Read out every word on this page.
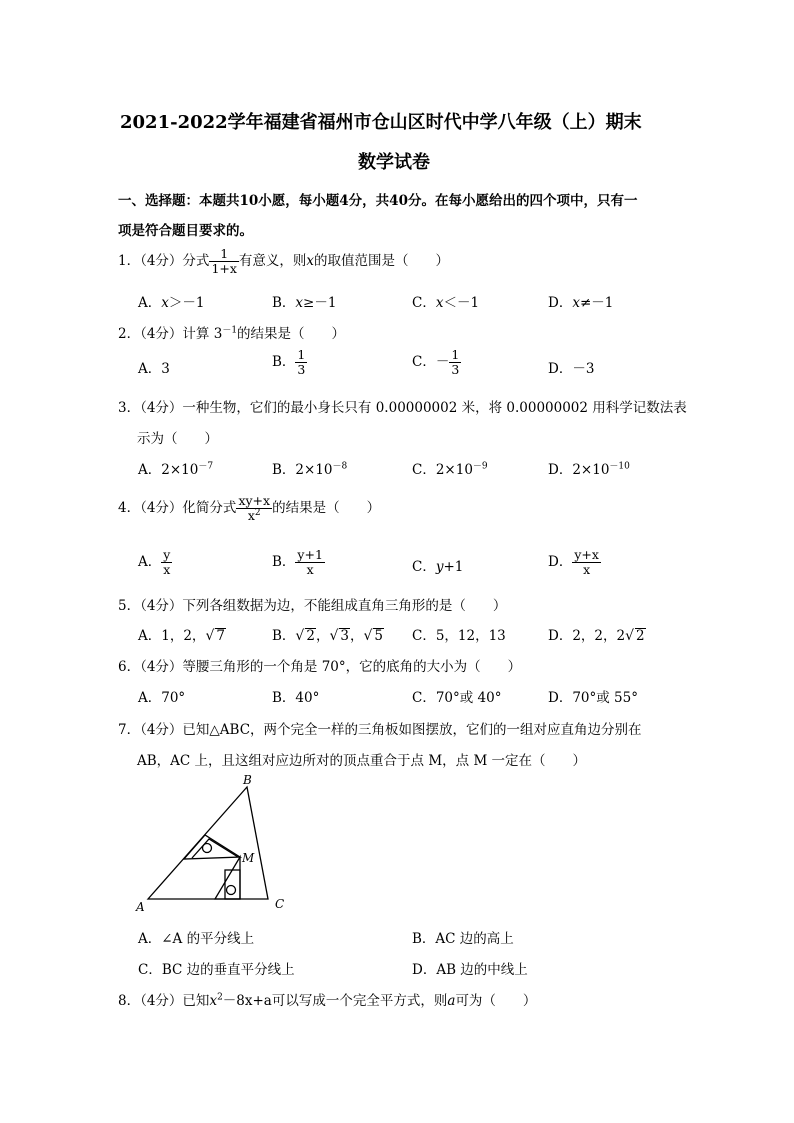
2021-2022学年福建省福州市仓山区时代中学八年级（上）期末
数学试卷
一、选择题：本题共10小愿，每小题4分，共40分。在每小愿给出的四个项中，只有一
项是符合题目要求的。
1．（4分）分式 $\frac{1}{1+x}$ 有意义，则x的取值范围是（　　）
A．x＞－1	B．x≥－1	C．x＜－1	D．x≠－1
2．（4分）计算 $3^{-1}$的结果是（　　）
A．3	B． $\frac{1}{3}$	C．－ $\frac{1}{3}$	D．－3
3．（4分）一种生物，它们的最小身长只有 0.00000002 米，将 0.00000002 用科学记数法表
示为（　　）
A．$2\times 10^{-7}$	B．$2\times 10^{-8}$	C．$2\times 10^{-9}$	D．$2\times 10^{-10}$
4．（4分）化简分式 $\frac{xy+x}{x^2}$ 的结果是（　　）
A． $\frac{y}{x}$	B． $\frac{y+1}{x}$	C．y+1	D． $\frac{y+x}{x}$
5．（4分）下列各组数据为边，不能组成直角三角形的是（　　）
A．1，2，√ 7	B．√ 2，√ 3，√ 5 C．5，12，13	D．2，2，2√ 2
6．（4分）等腰三角形的一个角是 70°，它的底角的大小为（　　）
A．70°	B．40°	C．70°或 40°	D．70°或 55°
7．（4分）已知△ABC，两个完全一样的三角板如图摆放，它们的一组对应直角边分别在
AB，AC 上，且这组对应边所对的顶点重合于点 M，点 M 一定在（　　）
B
M
A	C
A．∠A 的平分线上	B．AC 边的高上
C．BC 边的垂直平分线上	D．AB 边的中线上
8．（4分）已知$x^2-8x+a$可以写成一个完全平方式，则a可为（　　）
